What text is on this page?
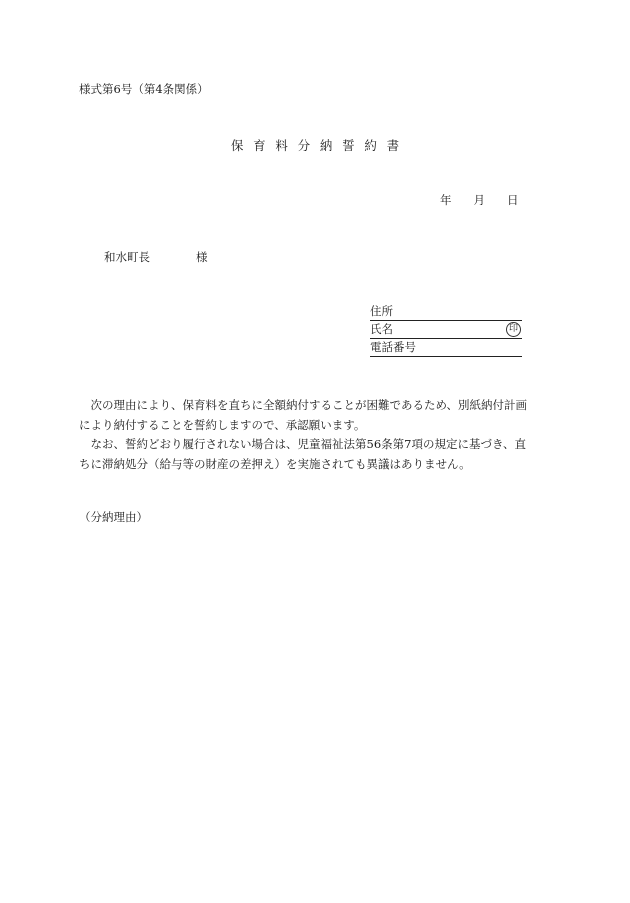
様式第6号（第4条関係）
保育料分納誓約書
年 月 日
和水町長	様
住所
氏名	印
電話番号

次の理由により、保育料を直ちに全額納付することが困難であるため、別紙納付計画により納付することを誓約しますので、承認願います。

なお、誓約どおり履行されない場合は、児童福祉法第56条第7項の規定に基づき、直ちに滞納処分（給与等の財産の差押え）を実施されても異議はありません。

（分納理由）
